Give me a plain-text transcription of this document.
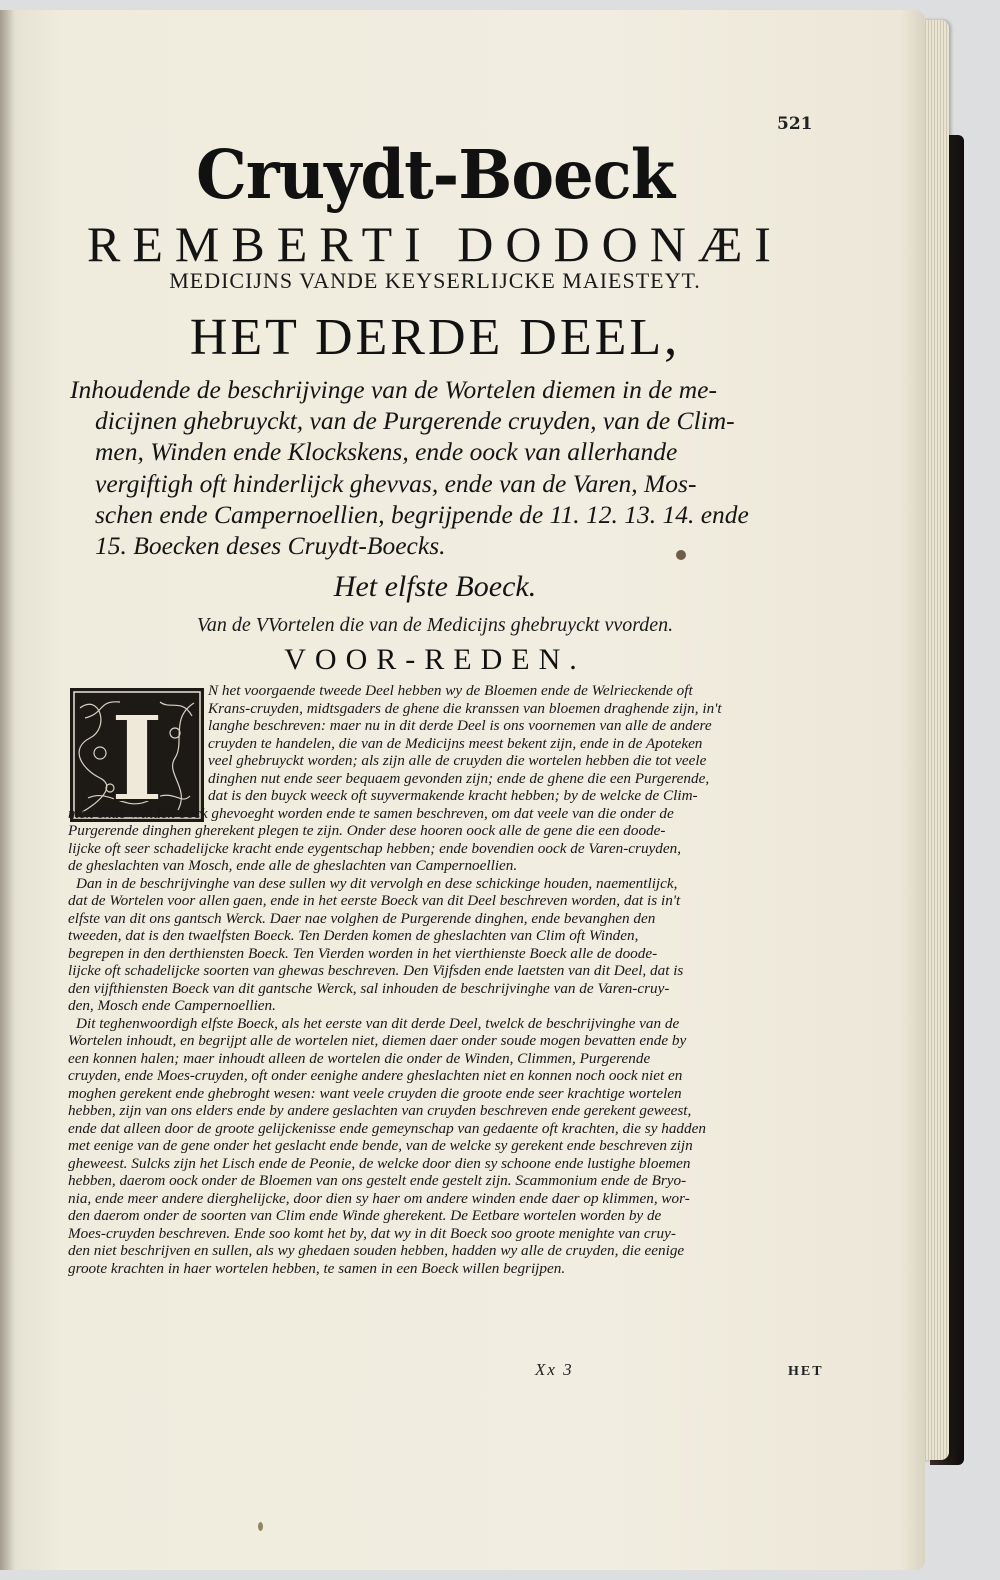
521
Cruydt-Boeck
REMBERTI DODONÆI
MEDICIJNS VANDE KEYSERLIJCKE MAIESTEYT.
HET DERDE DEEL,
Inhoudende de beschrijvinge van de Wortelen diemen in de me-
dicijnen ghebruyckt, van de Purgerende cruyden, van de Clim-
men, Winden ende Klockskens, ende oock van allerhande
vergiftigh oft hinderlijck ghevvas, ende van de Varen, Mos-
schen ende Campernoellien, begrijpende de 11. 12. 13. 14. ende
15. Boecken deses Cruydt-Boecks.
Het elfste Boeck.
Van de VVortelen die van de Medicijns ghebruyckt vvorden.
VOOR-REDEN.
I	N het voorgaende tweede Deel hebben wy de Bloemen ende de Welrieckende oft
Krans-cruyden, midtsgaders de ghene die kranssen van bloemen draghende zijn, in't
langhe beschreven: maer nu in dit derde Deel is ons voornemen van alle de andere
cruyden te handelen, die van de Medicijns meest bekent zijn, ende in de Apoteken
veel ghebruyckt worden; als zijn alle de cruyden die wortelen hebben die tot veele
dinghen nut ende seer bequaem gevonden zijn; ende de ghene die een Purgerende,
dat is den buyck weeck oft suyvermakende kracht hebben; by de welcke de Clim-
men ende Winden oock ghevoeght worden ende te samen beschreven, om dat veele van die onder de
Purgerende dinghen gherekent plegen te zijn. Onder dese hooren oock alle de gene die een doode-
lijcke oft seer schadelijcke kracht ende eygentschap hebben; ende bovendien oock de Varen-cruyden,
de gheslachten van Mosch, ende alle de gheslachten van Campernoellien.
Dan in de beschrijvinghe van dese sullen wy dit vervolgh en dese schickinge houden, naementlijck,
dat de Wortelen voor allen gaen, ende in het eerste Boeck van dit Deel beschreven worden, dat is in't
elfste van dit ons gantsch Werck. Daer nae volghen de Purgerende dinghen, ende bevanghen den
tweeden, dat is den twaelfsten Boeck. Ten Derden komen de gheslachten van Clim oft Winden,
begrepen in den derthiensten Boeck. Ten Vierden worden in het vierthienste Boeck alle de doode-
lijcke oft schadelijcke soorten van ghewas beschreven. Den Vijfsden ende laetsten van dit Deel, dat is
den vijfthiensten Boeck van dit gantsche Werck, sal inhouden de beschrijvinghe van de Varen-cruy-
den, Mosch ende Campernoellien.
Dit teghenwoordigh elfste Boeck, als het eerste van dit derde Deel, twelck de beschrijvinghe van de
Wortelen inhoudt, en begrijpt alle de wortelen niet, diemen daer onder soude mogen bevatten ende by
een konnen halen; maer inhoudt alleen de wortelen die onder de Winden, Climmen, Purgerende
cruyden, ende Moes-cruyden, oft onder eenighe andere gheslachten niet en konnen noch oock niet en
moghen gerekent ende ghebroght wesen: want veele cruyden die groote ende seer krachtige wortelen
hebben, zijn van ons elders ende by andere geslachten van cruyden beschreven ende gerekent geweest,
ende dat alleen door de groote gelijckenisse ende gemeynschap van gedaente oft krachten, die sy hadden
met eenige van de gene onder het geslacht ende bende, van de welcke sy gerekent ende beschreven zijn
gheweest. Sulcks zijn het Lisch ende de Peonie, de welcke door dien sy schoone ende lustighe bloemen
hebben, daerom oock onder de Bloemen van ons gestelt ende gestelt zijn. Scammonium ende de Bryo-
nia, ende meer andere dierghelijcke, door dien sy haer om andere winden ende daer op klimmen, wor-
den daerom onder de soorten van Clim ende Winde gherekent. De Eetbare wortelen worden by de
Moes-cruyden beschreven. Ende soo komt het by, dat wy in dit Boeck soo groote menighte van cruy-
den niet beschrijven en sullen, als wy ghedaen souden hebben, hadden wy alle de cruyden, die eenige
groote krachten in haer wortelen hebben, te samen in een Boeck willen begrijpen.
Xx 3	HET
